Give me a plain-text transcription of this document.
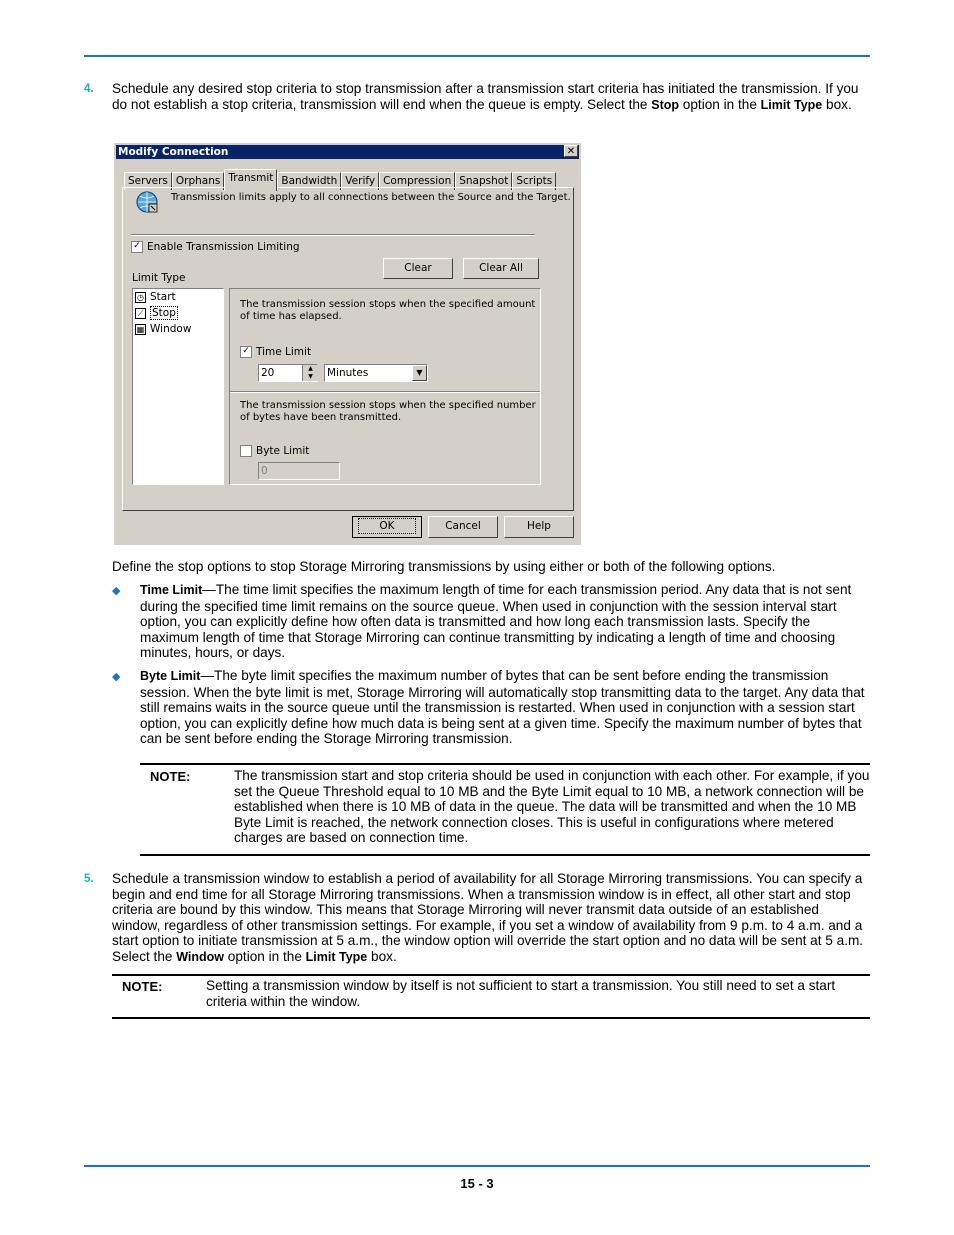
4. Schedule any desired stop criteria to stop transmission after a transmission start criteria has initiated the transmission. If you do not establish a stop criteria, transmission will end when the queue is empty. Select the Stop option in the Limit Type box.
Modify Connection	✕
Servers Orphans Transmit Bandwidth Verify Compression Snapshot Scripts
Transmission limits apply to all connections between the Source and the Target.
✓ Enable Transmission Limiting
Clear	Clear All
Limit Type
◷ Start
⟋ Stop
▦ Window
The transmission session stops when the specified amount of time has elapsed.
✓ Time Limit
20	▲
▼	Minutes	▼
The transmission session stops when the specified number of bytes have been transmitted.
Byte Limit
0
OK	Cancel	Help
Define the stop options to stop Storage Mirroring transmissions by using either or both of the following options.
◆ Time Limit—The time limit specifies the maximum length of time for each transmission period. Any data that is not sent during the specified time limit remains on the source queue. When used in conjunction with the session interval start option, you can explicitly define how often data is transmitted and how long each transmission lasts. Specify the maximum length of time that Storage Mirroring can continue transmitting by indicating a length of time and choosing minutes, hours, or days.
◆ Byte Limit—The byte limit specifies the maximum number of bytes that can be sent before ending the transmission session. When the byte limit is met, Storage Mirroring will automatically stop transmitting data to the target. Any data that still remains waits in the source queue until the transmission is restarted. When used in conjunction with a session start option, you can explicitly define how much data is being sent at a given time. Specify the maximum number of bytes that can be sent before ending the Storage Mirroring transmission.
NOTE:	The transmission start and stop criteria should be used in conjunction with each other. For example, if you set the Queue Threshold equal to 10 MB and the Byte Limit equal to 10 MB, a network connection will be established when there is 10 MB of data in the queue. The data will be transmitted and when the 10 MB Byte Limit is reached, the network connection closes. This is useful in configurations where metered charges are based on connection time.
5. Schedule a transmission window to establish a period of availability for all Storage Mirroring transmissions. You can specify a begin and end time for all Storage Mirroring transmissions. When a transmission window is in effect, all other start and stop criteria are bound by this window. This means that Storage Mirroring will never transmit data outside of an established window, regardless of other transmission settings. For example, if you set a window of availability from 9 p.m. to 4 a.m. and a start option to initiate transmission at 5 a.m., the window option will override the start option and no data will be sent at 5 a.m. Select the Window option in the Limit Type box.
NOTE:	Setting a transmission window by itself is not sufficient to start a transmission. You still need to set a start criteria within the window.
15 - 3
